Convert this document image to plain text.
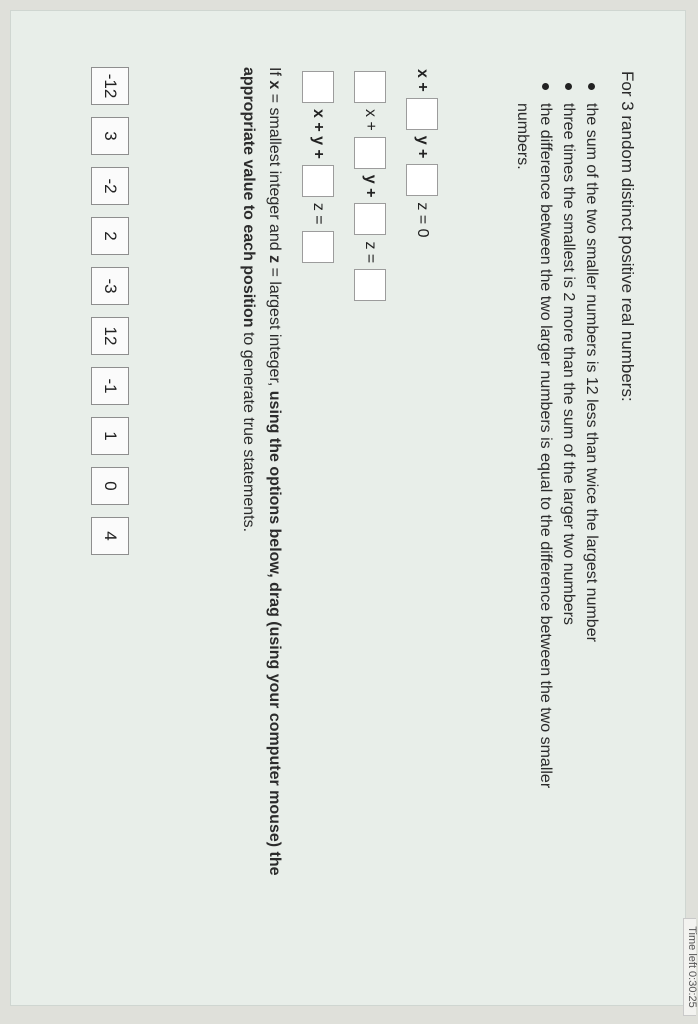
For 3 random distinct positive real numbers:
the sum of the two smaller numbers is 12 less than twice the largest number
three times the smallest is 2 more than the sum of the larger two numbers
the difference between the two larger numbers is equal to the difference between the two smaller numbers.
x +
y +
z = 0
x +
y +
z =
x + y +
z =
If x = smallest integer and z = largest integer, using the options below, drag (using your computer mouse) the appropriate value to each position to generate true statements.
-12
3
-2
2
-3
12
-1
1
0
4
Time left 0:30:25
